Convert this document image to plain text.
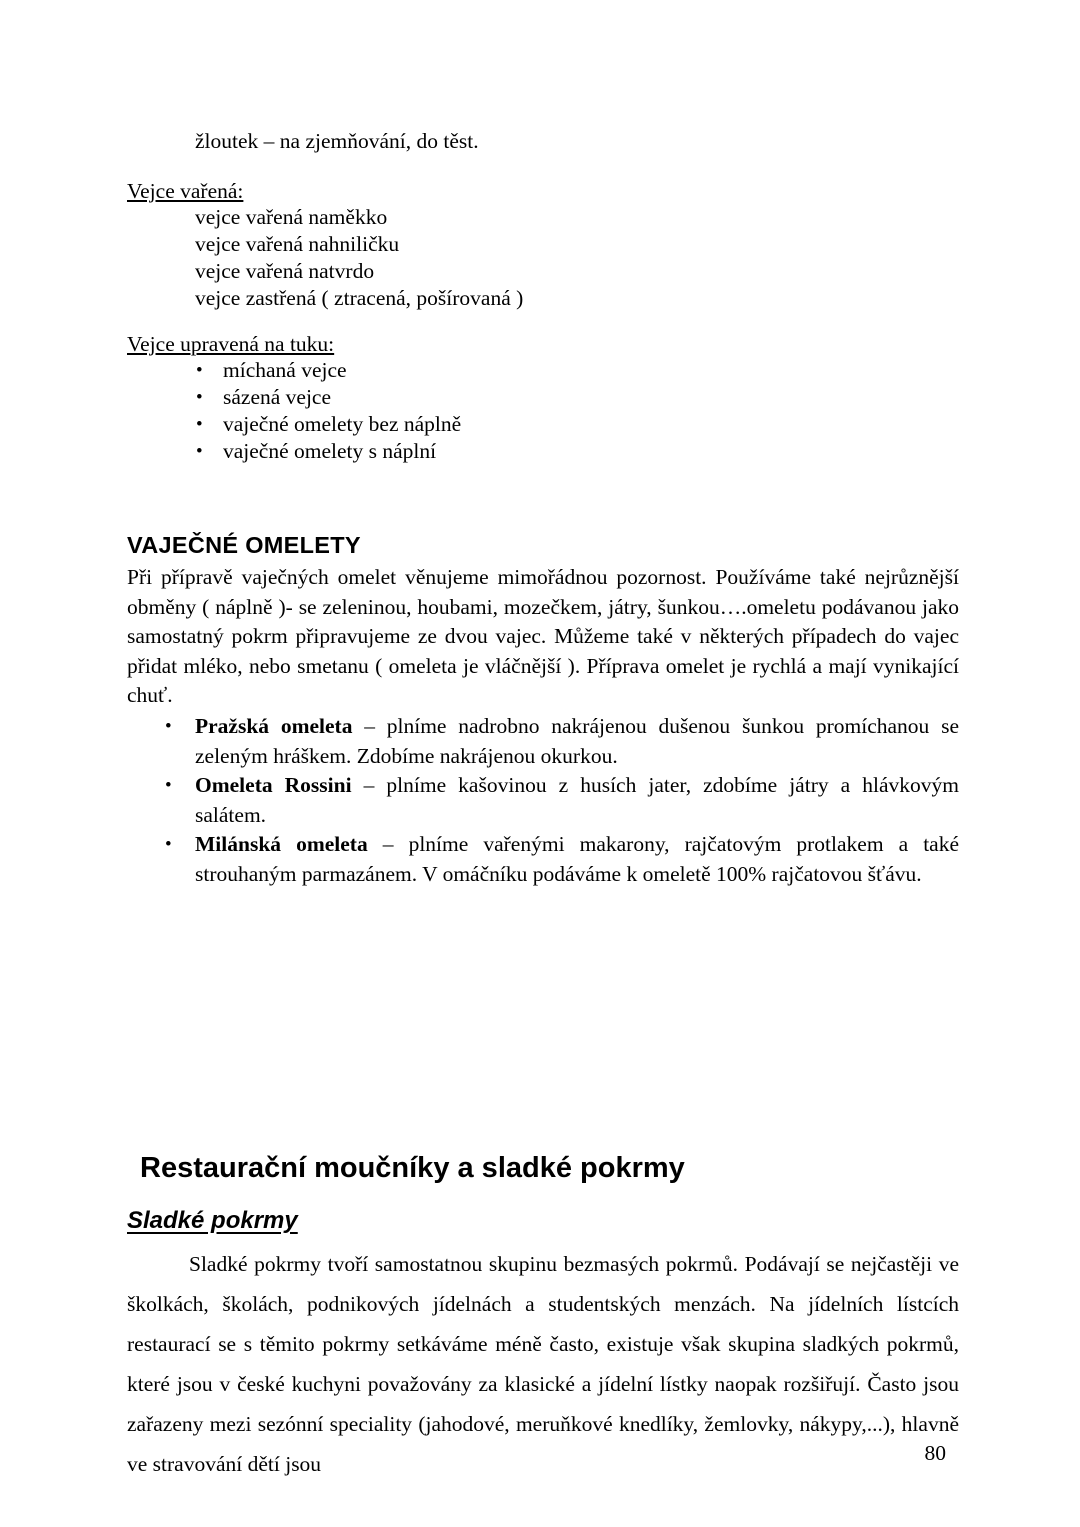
žloutek – na zjemňování, do těst.
Vejce vařená:
vejce vařená naměkko
vejce vařená nahniličku
vejce vařená natvrdo
vejce zastřená ( ztracená, pošírovaná )
Vejce upravená na tuku:
• míchaná vejce
• sázená vejce
• vaječné omelety bez náplně
• vaječné omelety s náplní
VAJEČNÉ OMELETY
Při přípravě vaječných omelet věnujeme mimořádnou pozornost. Používáme také nejrůznější obměny ( náplně )- se zeleninou, houbami, mozečkem, játry, šunkou….omeletu podávanou jako samostatný pokrm připravujeme ze dvou vajec. Můžeme také v některých případech do vajec přidat mléko, nebo smetanu ( omeleta je vláčnější ). Příprava omelet je rychlá a mají vynikající chuť.
• Pražská omeleta – plníme nadrobno nakrájenou dušenou šunkou promíchanou se zeleným hráškem. Zdobíme nakrájenou okurkou.
• Omeleta Rossini – plníme kašovinou z husích jater, zdobíme játry a hlávkovým salátem.
• Milánská omeleta – plníme vařenými makarony, rajčatovým protlakem a také strouhaným parmazánem. V omáčníku podáváme k omeletě 100% rajčatovou šťávu.
Restaurační moučníky a sladké pokrmy
Sladké pokrmy
Sladké pokrmy tvoří samostatnou skupinu bezmasých pokrmů. Podávají se nejčastěji ve školkách, školách, podnikových jídelnách a studentských menzách. Na jídelních lístcích restaurací se s těmito pokrmy setkáváme méně často, existuje však skupina sladkých pokrmů, které jsou v české kuchyni považovány za klasické a jídelní lístky naopak rozšiřují. Často jsou zařazeny mezi sezónní speciality (jahodové, meruňkové knedlíky, žemlovky, nákypy,...), hlavně ve stravování dětí jsou	80
